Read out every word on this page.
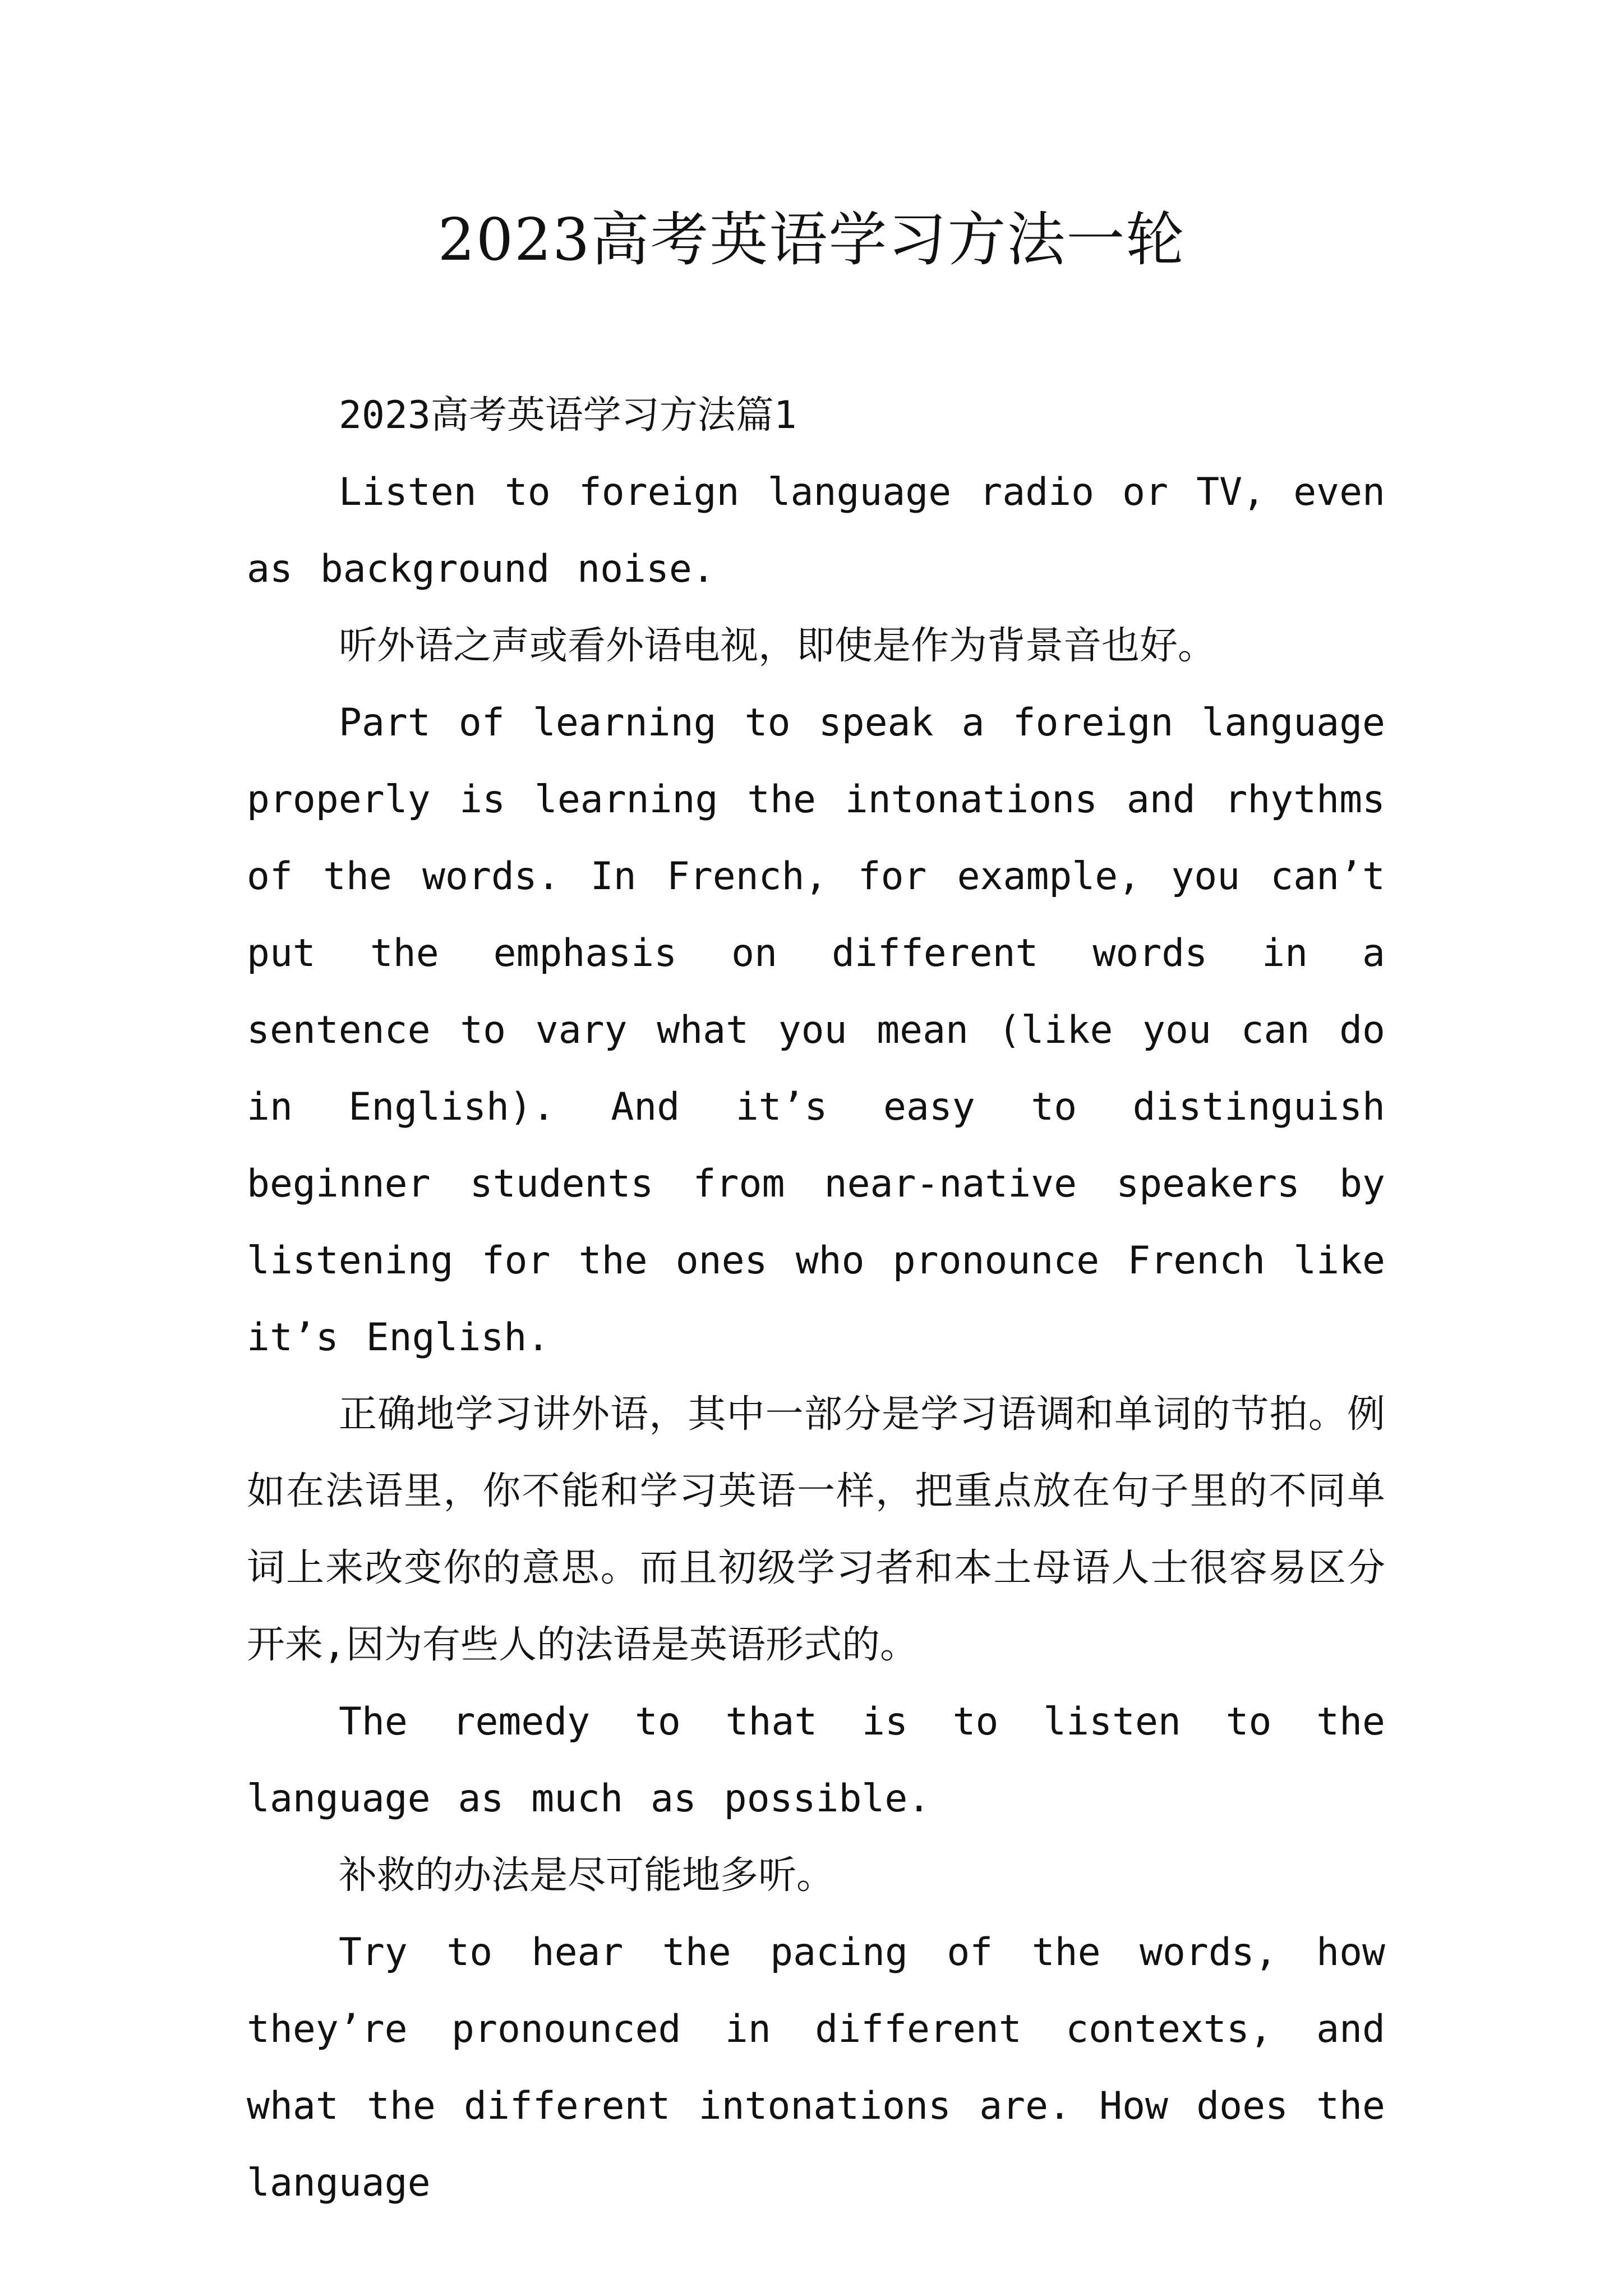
2023高考英语学习方法一轮

2023高考英语学习方法篇1

Listen to foreign language radio or TV, even as background noise.

听外语之声或看外语电视，即使是作为背景音也好。

Part of learning to speak a foreign language properly is learning the intonations and rhythms of the words. In French, for example, you can’t put the emphasis on different words in a sentence to vary what you mean (like you can do in English). And it’s easy to distinguish beginner students from near-native speakers by listening for the ones who pronounce French like it’s English.

正确地学习讲外语，其中一部分是学习语调和单词的节拍。例如在法语里，你不能和学习英语一样，把重点放在句子里的不同单词上来改变你的意思。而且初级学习者和本土母语人士很容易区分开来,因为有些人的法语是英语形式的。

The remedy to that is to listen to the language as much as possible.

补救的办法是尽可能地多听。

Try to hear the pacing of the words, how they’re pronounced in different contexts, and what the different intonations are. How does the language
